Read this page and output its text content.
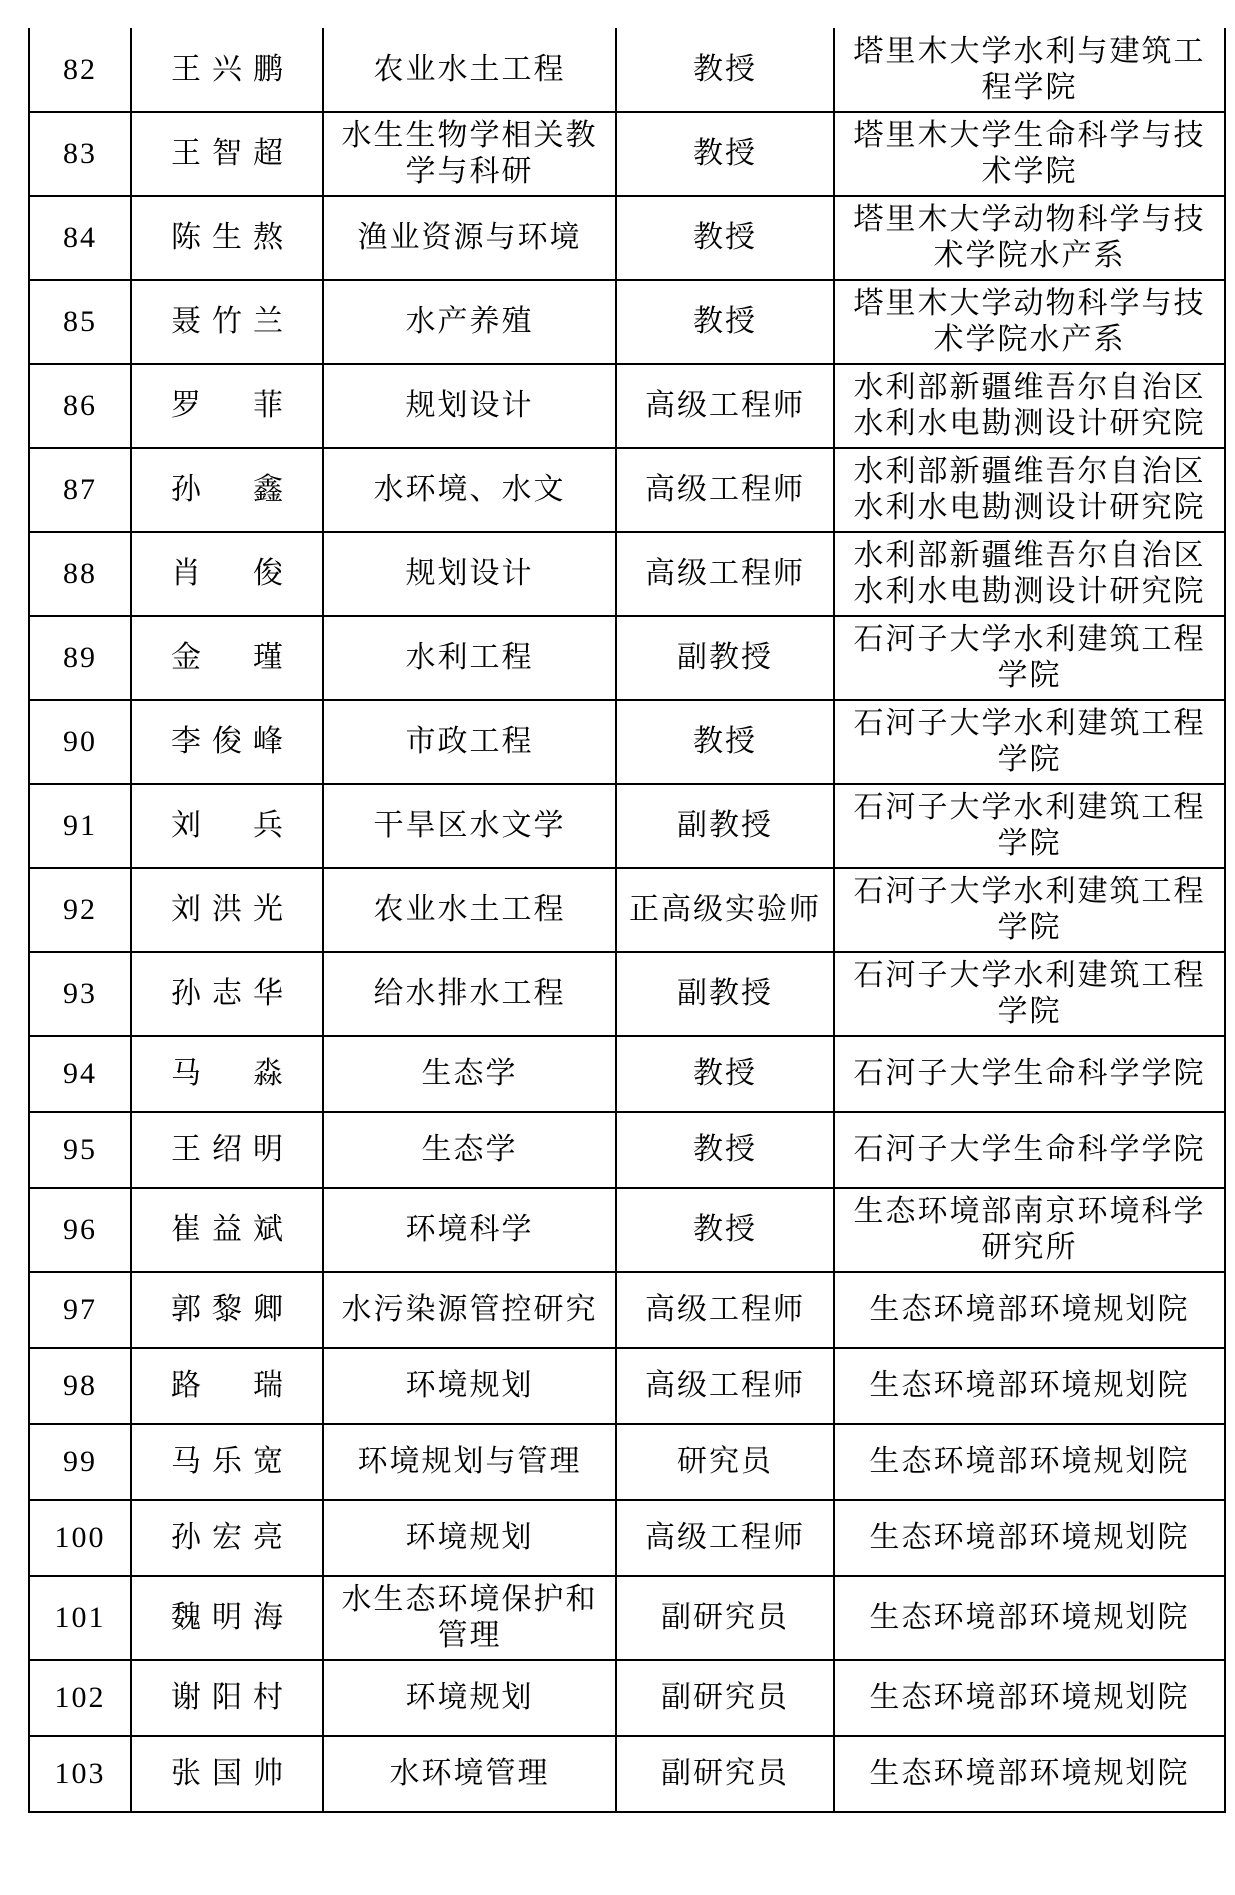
82	王兴鹏	农业水土工程	教授	塔里木大学水利与建筑工程学院
83	王智超	水生生物学相关教学与科研	教授	塔里木大学生命科学与技术学院
84	陈生熬	渔业资源与环境	教授	塔里木大学动物科学与技术学院水产系
85	聂竹兰	水产养殖	教授	塔里木大学动物科学与技术学院水产系
86	罗　菲	规划设计	高级工程师	水利部新疆维吾尔自治区水利水电勘测设计研究院
87	孙　鑫	水环境、水文	高级工程师	水利部新疆维吾尔自治区水利水电勘测设计研究院
88	肖　俊	规划设计	高级工程师	水利部新疆维吾尔自治区水利水电勘测设计研究院
89	金　瑾	水利工程	副教授	石河子大学水利建筑工程学院
90	李俊峰	市政工程	教授	石河子大学水利建筑工程学院
91	刘　兵	干旱区水文学	副教授	石河子大学水利建筑工程学院
92	刘洪光	农业水土工程	正高级实验师	石河子大学水利建筑工程学院
93	孙志华	给水排水工程	副教授	石河子大学水利建筑工程学院
94	马　淼	生态学	教授	石河子大学生命科学学院
95	王绍明	生态学	教授	石河子大学生命科学学院
96	崔益斌	环境科学	教授	生态环境部南京环境科学研究所
97	郭黎卿	水污染源管控研究	高级工程师	生态环境部环境规划院
98	路　瑞	环境规划	高级工程师	生态环境部环境规划院
99	马乐宽	环境规划与管理	研究员	生态环境部环境规划院
100	孙宏亮	环境规划	高级工程师	生态环境部环境规划院
101	魏明海	水生态环境保护和管理	副研究员	生态环境部环境规划院
102	谢阳村	环境规划	副研究员	生态环境部环境规划院
103	张国帅	水环境管理	副研究员	生态环境部环境规划院
